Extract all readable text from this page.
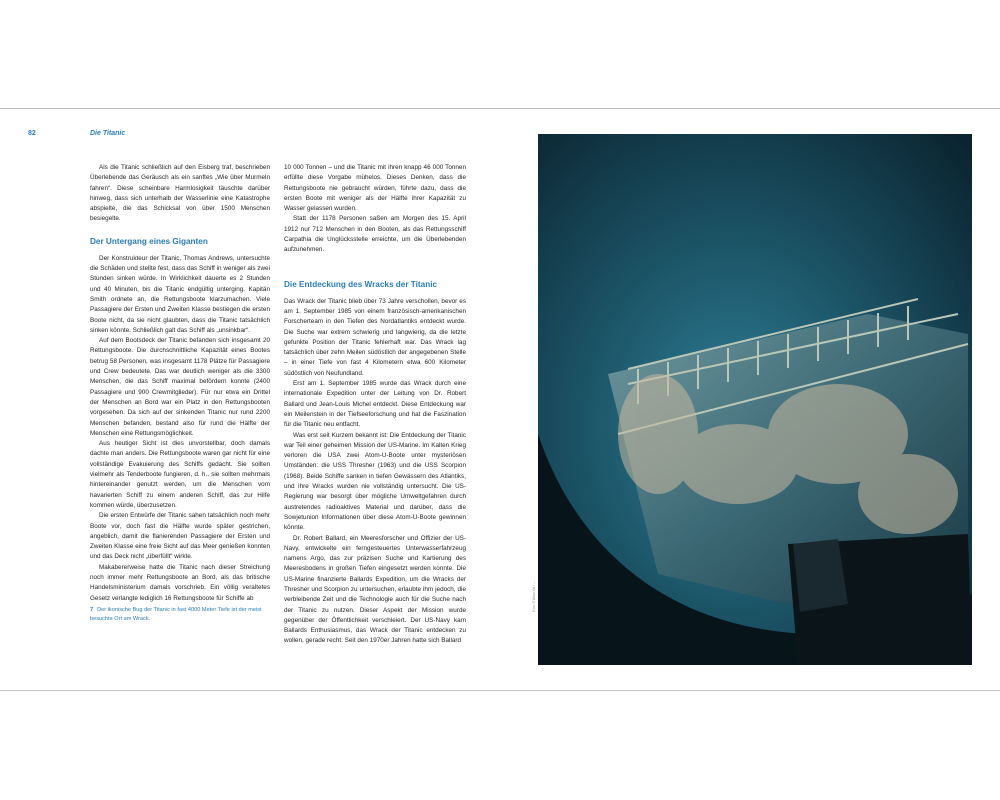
82	Die Titanic

Als die Titanic schließlich auf den Eisberg traf, beschrieben Überlebende das Geräusch als ein sanftes „Wie über Murmeln fahren“. Diese scheinbare Harmlosigkeit täuschte darüber hinweg, dass sich unterhalb der Wasserlinie eine Katastrophe abspielte, die das Schicksal von über 1500 Menschen besiegelte.

Der Untergang eines Giganten

Der Konstrukteur der Titanic, Thomas Andrews, untersuchte die Schäden und stellte fest, dass das Schiff in weniger als zwei Stunden sinken würde. In Wirklichkeit dauerte es 2 Stunden und 40 Minuten, bis die Titanic endgültig unterging. Kapitän Smith ordnete an, die Rettungsboote klarzumachen. Viele Passagiere der Ersten und Zweiten Klasse bestiegen die ersten Boote nicht, da sie nicht glaubten, dass die Titanic tatsächlich sinken könnte. Schließlich galt das Schiff als „unsinkbar“.

Auf dem Bootsdeck der Titanic befanden sich insgesamt 20 Rettungsboote. Die durchschnittliche Kapazität eines Bootes betrug 58 Personen, was insgesamt 1178 Plätze für Passagiere und Crew bedeutete. Das war deutlich weniger als die 3300 Menschen, die das Schiff maximal befördern konnte (2400 Passagiere und 900 Crewmitglieder). Für nur etwa ein Drittel der Menschen an Bord war ein Platz in den Rettungsbooten vorgesehen. Da sich auf der sinkenden Titanic nur rund 2200 Menschen befanden, bestand also für rund die Hälfte der Menschen eine Rettungsmöglichkeit.

Aus heutiger Sicht ist dies unvorstellbar, doch damals dachte man anders. Die Rettungsboote waren gar nicht für eine vollständige Evakuierung des Schiffs gedacht. Sie sollten vielmehr als Tenderboote fungieren, d. h., sie sollten mehrmals hintereinander genutzt werden, um die Menschen vom havarierten Schiff zu einem anderen Schiff, das zur Hilfe kommen würde, überzusetzen.

Die ersten Entwürfe der Titanic sahen tatsächlich noch mehr Boote vor, doch fast die Hälfte wurde später gestrichen, angeblich, damit die flanierenden Passagiere der Ersten und Zweiten Klasse eine freie Sicht auf das Meer genießen konnten und das Deck nicht „überfüllt“ wirkte.

Makabererweise hatte die Titanic nach dieser Streichung noch immer mehr Rettungsboote an Bord, als das britische Handelsministerium damals vorschrieb. Ein völlig veraltetes Gesetz verlangte lediglich 16 Rettungsboote für Schiffe ab

10 000 Tonnen – und die Titanic mit ihren knapp 46 000 Tonnen erfüllte diese Vorgabe mühelos. Dieses Denken, dass die Rettungsboote nie gebraucht würden, führte dazu, dass die ersten Boote mit weniger als der Hälfte ihrer Kapazität zu Wasser gelassen wurden.

Statt der 1178 Personen saßen am Morgen des 15. April 1912 nur 712 Menschen in den Booten, als das Rettungsschiff Carpathia die Unglücksstelle erreichte, um die Überlebenden aufzunehmen.

Die Entdeckung des Wracks der Titanic

Das Wrack der Titanic blieb über 73 Jahre verschollen, bevor es am 1. September 1985 von einem französisch-amerikanischen Forscherteam in den Tiefen des Nordatlantiks entdeckt wurde. Die Suche war extrem schwierig und langwierig, da die letzte gefunkte Position der Titanic fehlerhaft war. Das Wrack lag tatsächlich über zehn Meilen südöstlich der angegebenen Stelle – in einer Tiefe von fast 4 Kilometern etwa 600 Kilometer südöstlich von Neufundland.

Erst am 1. September 1985 wurde das Wrack durch eine internationale Expedition unter der Leitung von Dr. Robert Ballard und Jean-Louis Michel entdeckt. Diese Entdeckung war ein Meilenstein in der Tiefseeforschung und hat die Faszination für die Titanic neu entfacht.

Was erst seit Kurzem bekannt ist: Die Entdeckung der Titanic war Teil einer geheimen Mission der US-Marine. Im Kalten Krieg verloren die USA zwei Atom-U-Boote unter mysteriösen Umständen: die USS Thresher (1963) und die USS Scorpion (1968). Beide Schiffe sanken in tiefen Gewässern des Atlantiks, und ihre Wracks wurden nie vollständig untersucht. Die US-Regierung war besorgt über mögliche Umweltgefahren durch austretendes radioaktives Material und darüber, dass die Sowjetunion Informationen über diese Atom-U-Boote gewinnen könnte.

Dr. Robert Ballard, ein Meeresforscher und Offizier der US-Navy, entwickelte ein ferngesteuertes Unterwasserfahrzeug namens Argo, das zur präzisen Suche und Kartierung des Meeresbodens in großen Tiefen eingesetzt werden konnte. Die US-Marine finanzierte Ballards Expedition, um die Wracks der Thresher und Scorpion zu untersuchen, erlaubte ihm jedoch, die verbleibende Zeit und die Technologie auch für die Suche nach der Titanic zu nutzen. Dieser Aspekt der Mission wurde gegenüber der Öffentlichkeit verschleiert. Der US-Navy kam Ballards Enthusiasmus, das Wrack der Titanic entdecken zu wollen, gerade recht. Seit den 1970er Jahren hatte sich Ballard

7 Der ikonische Bug der Titanic in fast 4000 Meter Tiefe ist der meist besuchte Ort am Wrack.
Foto: © Atlan Ltd / ...
